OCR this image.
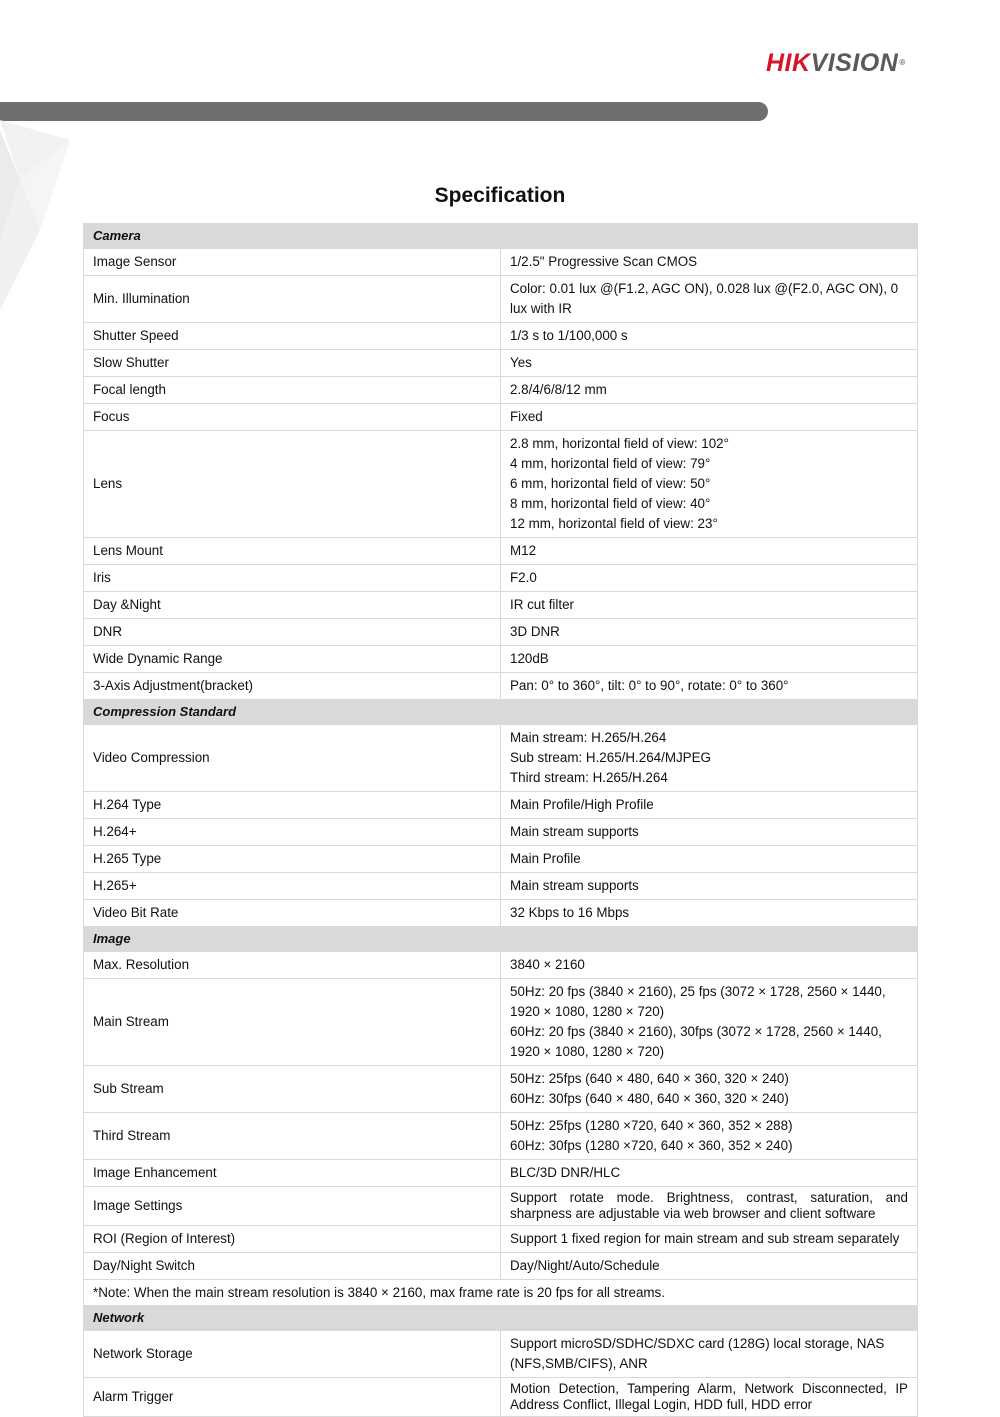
HIKVISION®
Specification
Camera	
Image Sensor	1/2.5" Progressive Scan CMOS

Min. Illumination	Color: 0.01 lux @(F1.2, AGC ON), 0.028 lux @(F2.0, AGC ON), 0 lux with IR

Shutter Speed	1/3 s to 1/100,000 s

Slow Shutter	Yes

Focal length	2.8/4/6/8/12 mm

Focus	Fixed

Lens	2.8 mm, horizontal field of view: 102°
4 mm, horizontal field of view: 79°
6 mm, horizontal field of view: 50°
8 mm, horizontal field of view: 40°
12 mm, horizontal field of view: 23°

Lens Mount	M12

Iris	F2.0

Day &Night	IR cut filter

DNR	3D DNR

Wide Dynamic Range	120dB

3-Axis Adjustment(bracket)	Pan: 0° to 360°, tilt: 0° to 90°, rotate: 0° to 360°

Compression Standard	
Video Compression	Main stream: H.265/H.264
Sub stream: H.265/H.264/MJPEG
Third stream: H.265/H.264

H.264 Type	Main Profile/High Profile

H.264+	Main stream supports

H.265 Type	Main Profile

H.265+	Main stream supports

Video Bit Rate	32 Kbps to 16 Mbps

Image	
Max. Resolution	3840 × 2160

Main Stream	50Hz: 20 fps (3840 × 2160), 25 fps (3072 × 1728, 2560 × 1440, 1920 × 1080, 1280 × 720)
60Hz: 20 fps (3840 × 2160), 30fps (3072 × 1728, 2560 × 1440, 1920 × 1080, 1280 × 720)

Sub Stream	50Hz: 25fps (640 × 480, 640 × 360, 320 × 240)
60Hz: 30fps (640 × 480, 640 × 360, 320 × 240)

Third Stream	50Hz: 25fps (1280 ×720, 640 × 360, 352 × 288)
60Hz: 30fps (1280 ×720, 640 × 360, 352 × 240)

Image Enhancement	BLC/3D DNR/HLC

Image Settings	Support rotate mode. Brightness, contrast, saturation, and sharpness are adjustable via web browser and client software

ROI (Region of Interest)	Support 1 fixed region for main stream and sub stream separately

Day/Night Switch	Day/Night/Auto/Schedule

*Note: When the main stream resolution is 3840 × 2160, max frame rate is 20 fps for all streams.	
Network	
Network Storage	Support microSD/SDHC/SDXC card (128G) local storage, NAS (NFS,SMB/CIFS), ANR

Alarm Trigger	Motion Detection, Tampering Alarm, Network Disconnected, IP Address Conflict, Illegal Login, HDD full, HDD error
